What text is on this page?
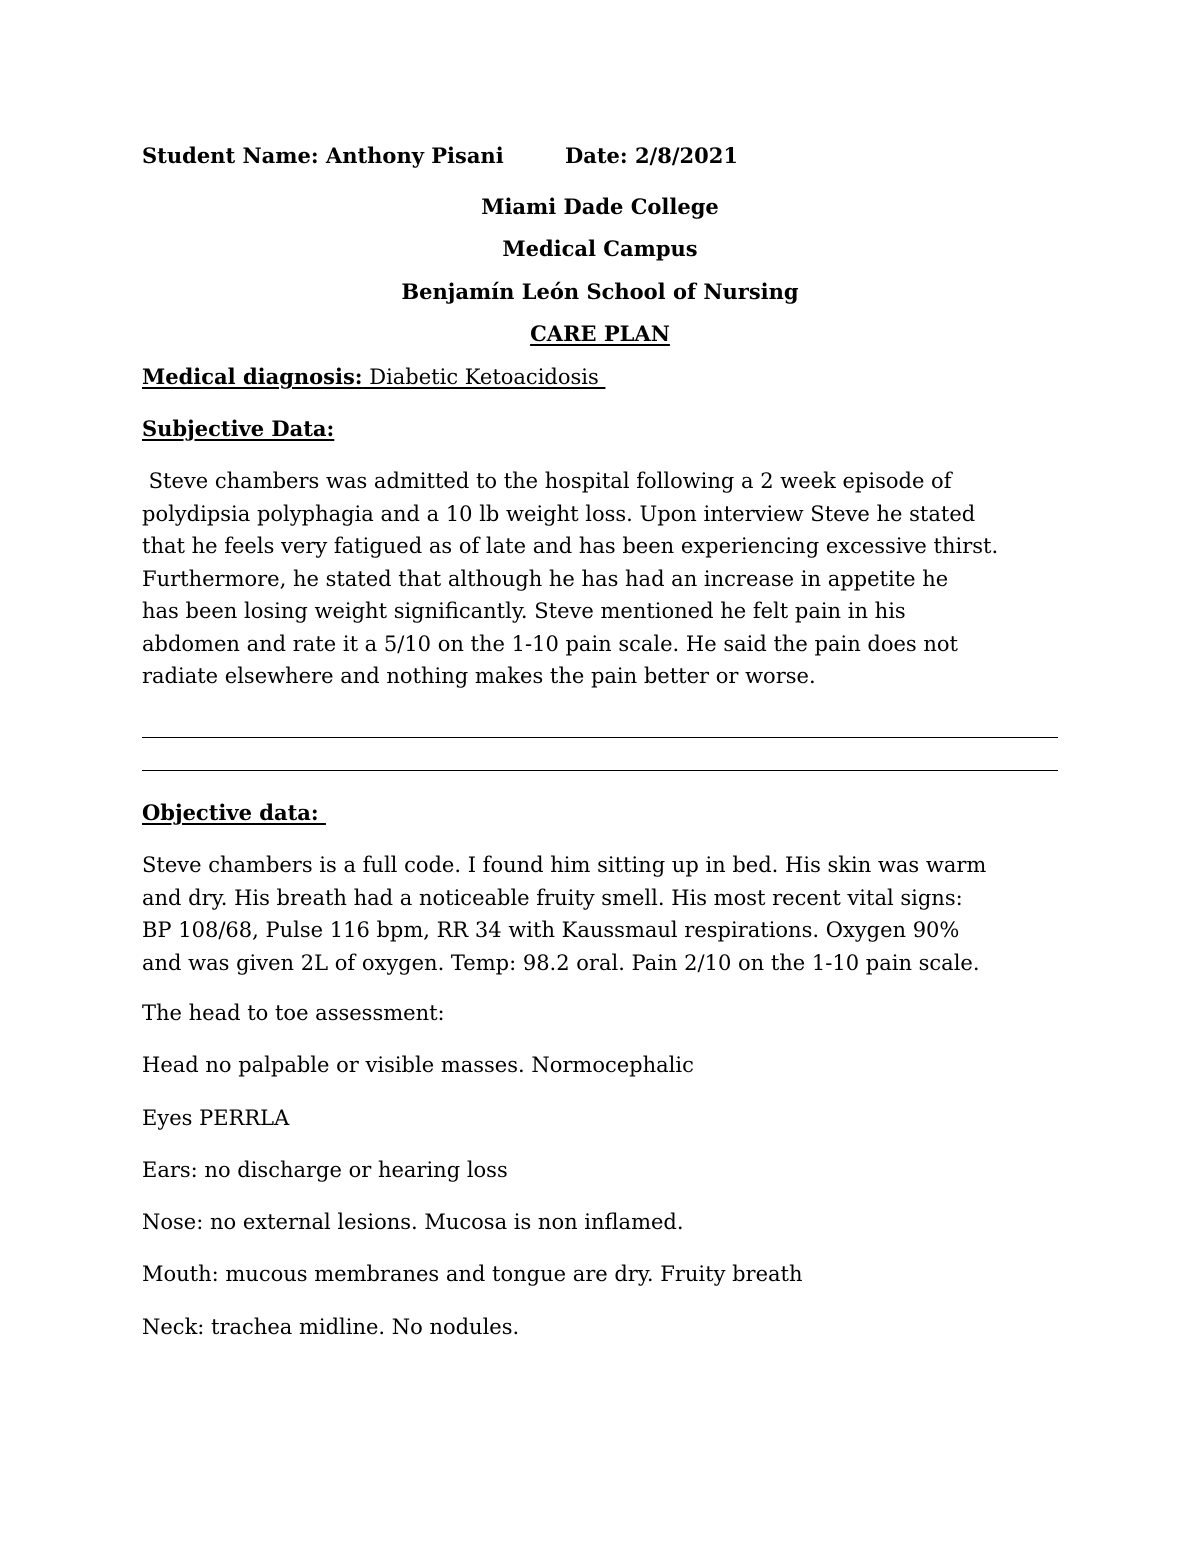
Student Name: Anthony Pisani	Date: 2/8/2021
Miami Dade College
Medical Campus
Benjamín León School of Nursing
CARE PLAN
Medical diagnosis: Diabetic Ketoacidosis
Subjective Data:

Steve chambers was admitted to the hospital following a 2 week episode of

polydipsia polyphagia and a 10 lb weight loss. Upon interview Steve he stated

that he feels very fatigued as of late and has been experiencing excessive thirst.

Furthermore, he stated that although he has had an increase in appetite he

has been losing weight significantly. Steve mentioned he felt pain in his

abdomen and rate it a 5/10 on the 1-10 pain scale. He said the pain does not

radiate elsewhere and nothing makes the pain better or worse.

Objective data:

Steve chambers is a full code. I found him sitting up in bed. His skin was warm

and dry. His breath had a noticeable fruity smell. His most recent vital signs:

BP 108/68, Pulse 116 bpm, RR 34 with Kaussmaul respirations. Oxygen 90%

and was given 2L of oxygen. Temp: 98.2 oral. Pain 2/10 on the 1-10 pain scale.

The head to toe assessment:
Head no palpable or visible masses. Normocephalic
Eyes PERRLA
Ears: no discharge or hearing loss
Nose: no external lesions. Mucosa is non inflamed.
Mouth: mucous membranes and tongue are dry. Fruity breath
Neck: trachea midline. No nodules.
